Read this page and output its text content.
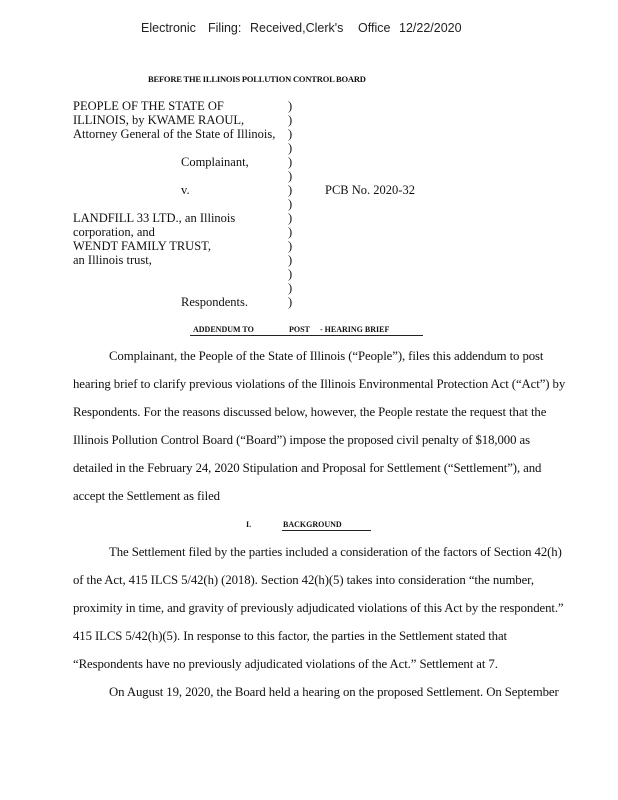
Electronic Filing: Received,Clerk's Office 12/22/2020
BEFORE THE ILLINOIS POLLUTION CONTROL BOARD
PEOPLE OF THE STATE OF
ILLINOIS, by KWAME RAOUL,
Attorney General of the State of Illinois,
Complainant,
v.	PCB No. 2020-32
LANDFILL 33 LTD., an Illinois
corporation, and
WENDT FAMILY TRUST,
an Illinois trust,
Respondents.
)
)
)
)
)
)
)
)
)
)
)
)
)
)
)
ADDENDUM TO	POST - HEARING BRIEF
Complainant, the People of the State of Illinois (“People”), files this addendum to post
hearing brief to clarify previous violations of the Illinois Environmental Protection Act (“Act”) by
Respondents. For the reasons discussed below, however, the People restate the request that the
Illinois Pollution Control Board (“Board”) impose the proposed civil penalty of $18,000 as
detailed in the February 24, 2020 Stipulation and Proposal for Settlement (“Settlement”), and
accept the Settlement as filed
I.	BACKGROUND
The Settlement filed by the parties included a consideration of the factors of Section 42(h)
of the Act, 415 ILCS 5/42(h) (2018). Section 42(h)(5) takes into consideration “the number,
proximity in time, and gravity of previously adjudicated violations of this Act by the respondent.”
415 ILCS 5/42(h)(5). In response to this factor, the parties in the Settlement stated that
“Respondents have no previously adjudicated violations of the Act.” Settlement at 7.
On August 19, 2020, the Board held a hearing on the proposed Settlement. On September
